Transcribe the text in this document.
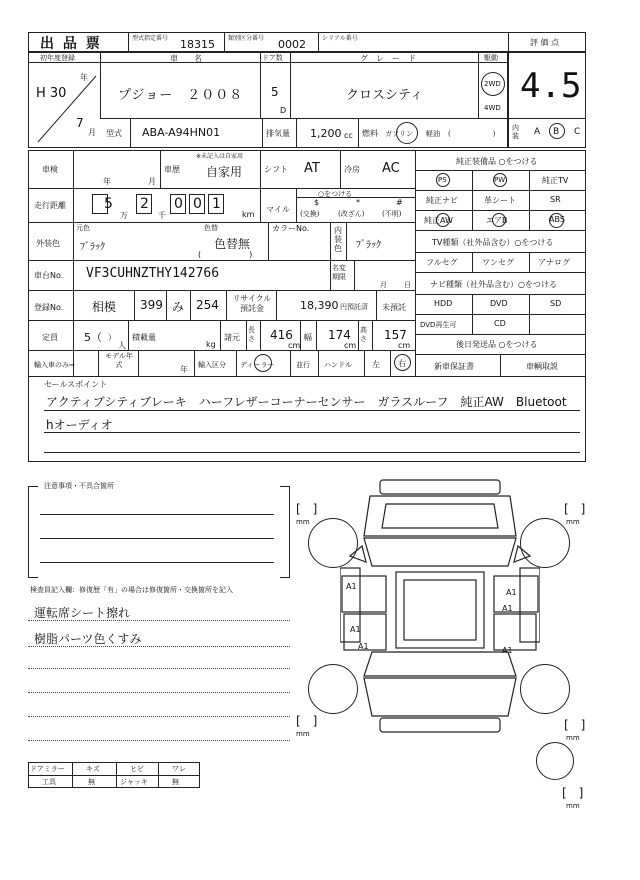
出 品 票	型式指定番号 18315 類別区分番号 0002	シリアル番号	評 価 点
4.5
内装	A B C
初年度登録
年
H 30
7
月
車　　名
プジョー　２００８
ドア数
5
D
グ　レ　ー　ド
クロスシティ
駆動
2WD
4WD
型式 ABA-A94HN01	排気量 1,200 cc 燃料 ガソリン 軽油 (　　　　　　)
車検
年	月
車歴
※未記入は自家用
自家用	シフト AT	冷房 AC
走行距離	5
万
2
千
0 0 1
km
マイル
○をつける
$
(交換)
*
(改ざん)
#
(不明)
外装色
元色
ﾌﾞﾗｯｸ
色替
色替無
(　　　　　　)
カラーNo.	内装色 ﾌﾞﾗｯｸ
車台No. VF3CUHNZTHY142766	名変期限
月 日
登録No. 相模 399 み 254	リサイクル預託金	18,390 円預託済 未預託
定員 5（ ）
人
積載量
kg
諸元
長さ 416
cm
幅 174
cm
高さ 157
cm
輸入車のみ⇒
モデル年式	年 輸入区分 ディーラー	並行 ハンドル	左 右
純正装備品 ○をつける
PS	PW	純正TV
純正ナビ	革シート	SR
純正AW	エアB	ABS
TV種類（社外品含む）○をつける
フルセグ	ワンセグ	アナログ
ナビ種類（社外品含む）○をつける
HDD	DVD	SD
DVD再生可	CD
後日発送品 ○をつける
新車保証書	車輌取説
セールスポイント
アクティブシティブレーキ　ハーフレザーコーナーセンサー　ガラスルーフ　純正AW　Bluetoot
hオーディオ
注意事項・不具合箇所
検査員記入欄：修復歴「有」の場合は修復箇所・交換箇所を記入
運転席シート擦れ
樹脂パーツ色くすみ
ドアミラー	キズ	ヒビ	ワレ
工具	無	ジャッキ	無
[　]
mm
[　]
mm
[　]
mm
[　]
mm
[　]
mm
A1
A1
A1
A1
A1
A1
